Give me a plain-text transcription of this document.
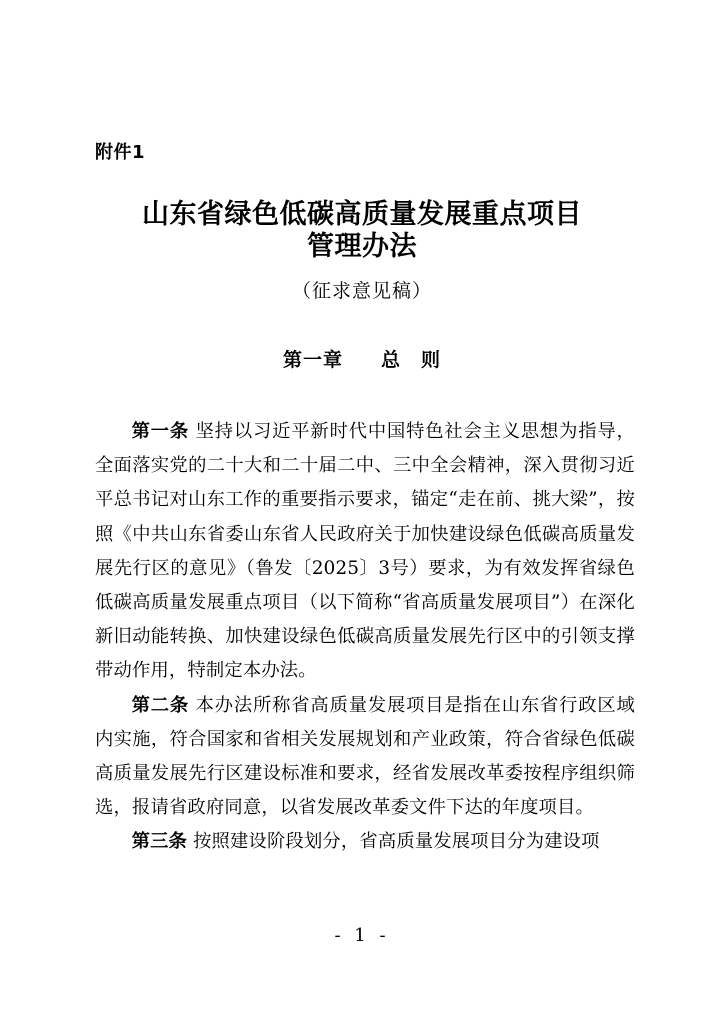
附件1
山东省绿色低碳高质量发展重点项目
管理办法
（征求意见稿）
第一章 总　则

第一条 坚持以习近平新时代中国特色社会主义思想为指导，全面落实党的二十大和二十届二中、三中全会精神，深入贯彻习近平总书记对山东工作的重要指示要求，锚定“走在前、挑大梁”，按照《中共山东省委山东省人民政府关于加快建设绿色低碳高质量发展先行区的意见》（鲁发〔2025〕3号）要求，为有效发挥省绿色低碳高质量发展重点项目（以下简称“省高质量发展项目”）在深化新旧动能转换、加快建设绿色低碳高质量发展先行区中的引领支撑带动作用，特制定本办法。

第二条 本办法所称省高质量发展项目是指在山东省行政区域内实施，符合国家和省相关发展规划和产业政策，符合省绿色低碳高质量发展先行区建设标准和要求，经省发展改革委按程序组织筛选，报请省政府同意，以省发展改革委文件下达的年度项目。

第三条 按照建设阶段划分，省高质量发展项目分为建设项

- 1 -
